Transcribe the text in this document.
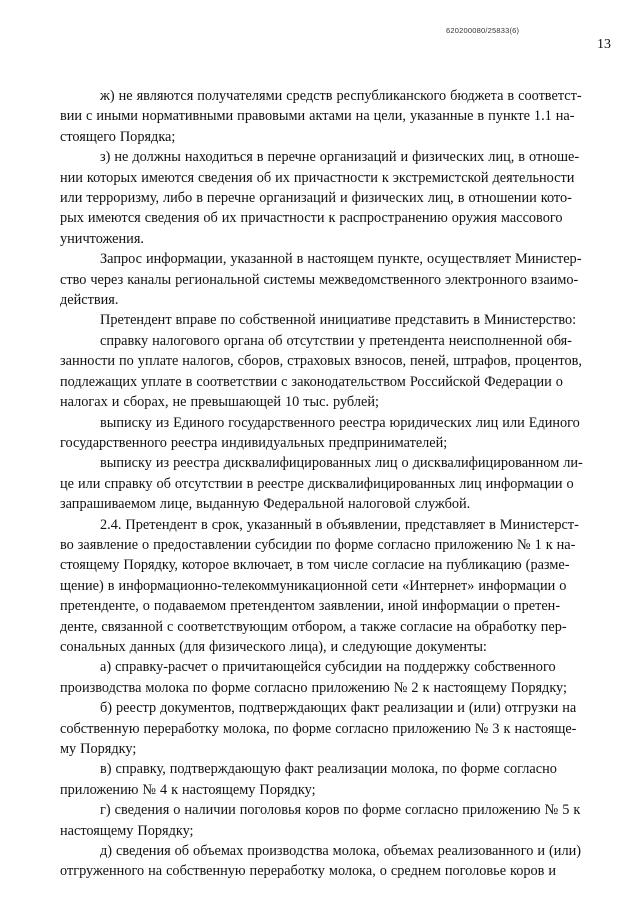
620200080/25833(6)
13

ж) не являются получателями средств республиканского бюджета в соответст-
вии с иными нормативными правовыми актами на цели, указанные в пункте 1.1 на-
стоящего Порядка;

з) не должны находиться в перечне организаций и физических лиц, в отноше-
нии которых имеются сведения об их причастности к экстремистской деятельности
или терроризму, либо в перечне организаций и физических лиц, в отношении кото-
рых имеются сведения об их причастности к распространению оружия массового
уничтожения.

Запрос информации, указанной в настоящем пункте, осуществляет Министер-
ство через каналы региональной системы межведомственного электронного взаимо-
действия.

Претендент вправе по собственной инициативе представить в Министерство:

справку налогового органа об отсутствии у претендента неисполненной обя-
занности по уплате налогов, сборов, страховых взносов, пеней, штрафов, процентов,
подлежащих уплате в соответствии с законодательством Российской Федерации о
налогах и сборах, не превышающей 10 тыс. рублей;

выписку из Единого государственного реестра юридических лиц или Единого
государственного реестра индивидуальных предпринимателей;

выписку из реестра дисквалифицированных лиц о дисквалифицированном ли-
це или справку об отсутствии в реестре дисквалифицированных лиц информации о
запрашиваемом лице, выданную Федеральной налоговой службой.

2.4. Претендент в срок, указанный в объявлении, представляет в Министерст-
во заявление о предоставлении субсидии по форме согласно приложению № 1 к на-
стоящему Порядку, которое включает, в том числе согласие на публикацию (разме-
щение) в информационно-телекоммуникационной сети «Интернет» информации о
претенденте, о подаваемом претендентом заявлении, иной информации о претен-
денте, связанной с соответствующим отбором, а также согласие на обработку пер-
сональных данных (для физического лица), и следующие документы:

а) справку-расчет о причитающейся субсидии на поддержку собственного
производства молока по форме согласно приложению № 2 к настоящему Порядку;

б) реестр документов, подтверждающих факт реализации и (или) отгрузки на
собственную переработку молока, по форме согласно приложению № 3 к настояще-
му Порядку;

в) справку, подтверждающую факт реализации молока, по форме согласно
приложению № 4 к настоящему Порядку;

г) сведения о наличии поголовья коров по форме согласно приложению № 5 к
настоящему Порядку;

д) сведения об объемах производства молока, объемах реализованного и (или)
отгруженного на собственную переработку молока, о среднем поголовье коров и
